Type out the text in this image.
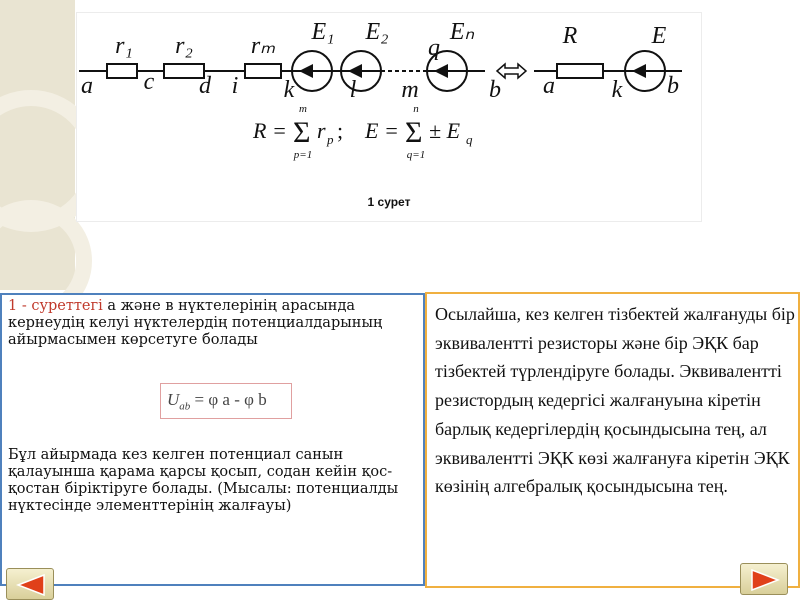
r₁ r₂ rₘ
E₁ E₂	Eₙ	R	E
a c d i k l m
q
b a k b
R = Σ
m
p=1
r p ; E = Σ
n
q=1
± E q
1 сурет
1 - суреттегі а және в нүктелерінің арасында кернеудің келуі нүктелердің потенциалдарының айырмасымен көрсетуге болады
$U_{ab} = \varphi$ a - φ b
Бұл айырмада кез келген потенциал санын қалауынша қарама қарсы қосып, содан кейін қос-қостан біріктіруге болады. (Мысалы: потенциалды нүктесінде элементтерінің жалғауы)
Осылайша, кез келген тізбектей жалғануды бір эквивалентті резисторы және бір ЭҚК бар тізбектей түрлендіруге болады. Эквивалентті резистордың кедергісі жалғануына кіретін барлық кедергілердің қосындысына тең, ал эквивалентті ЭҚК көзі жалғануға кіретін ЭҚК көзінің алгебралық қосындысына тең.
